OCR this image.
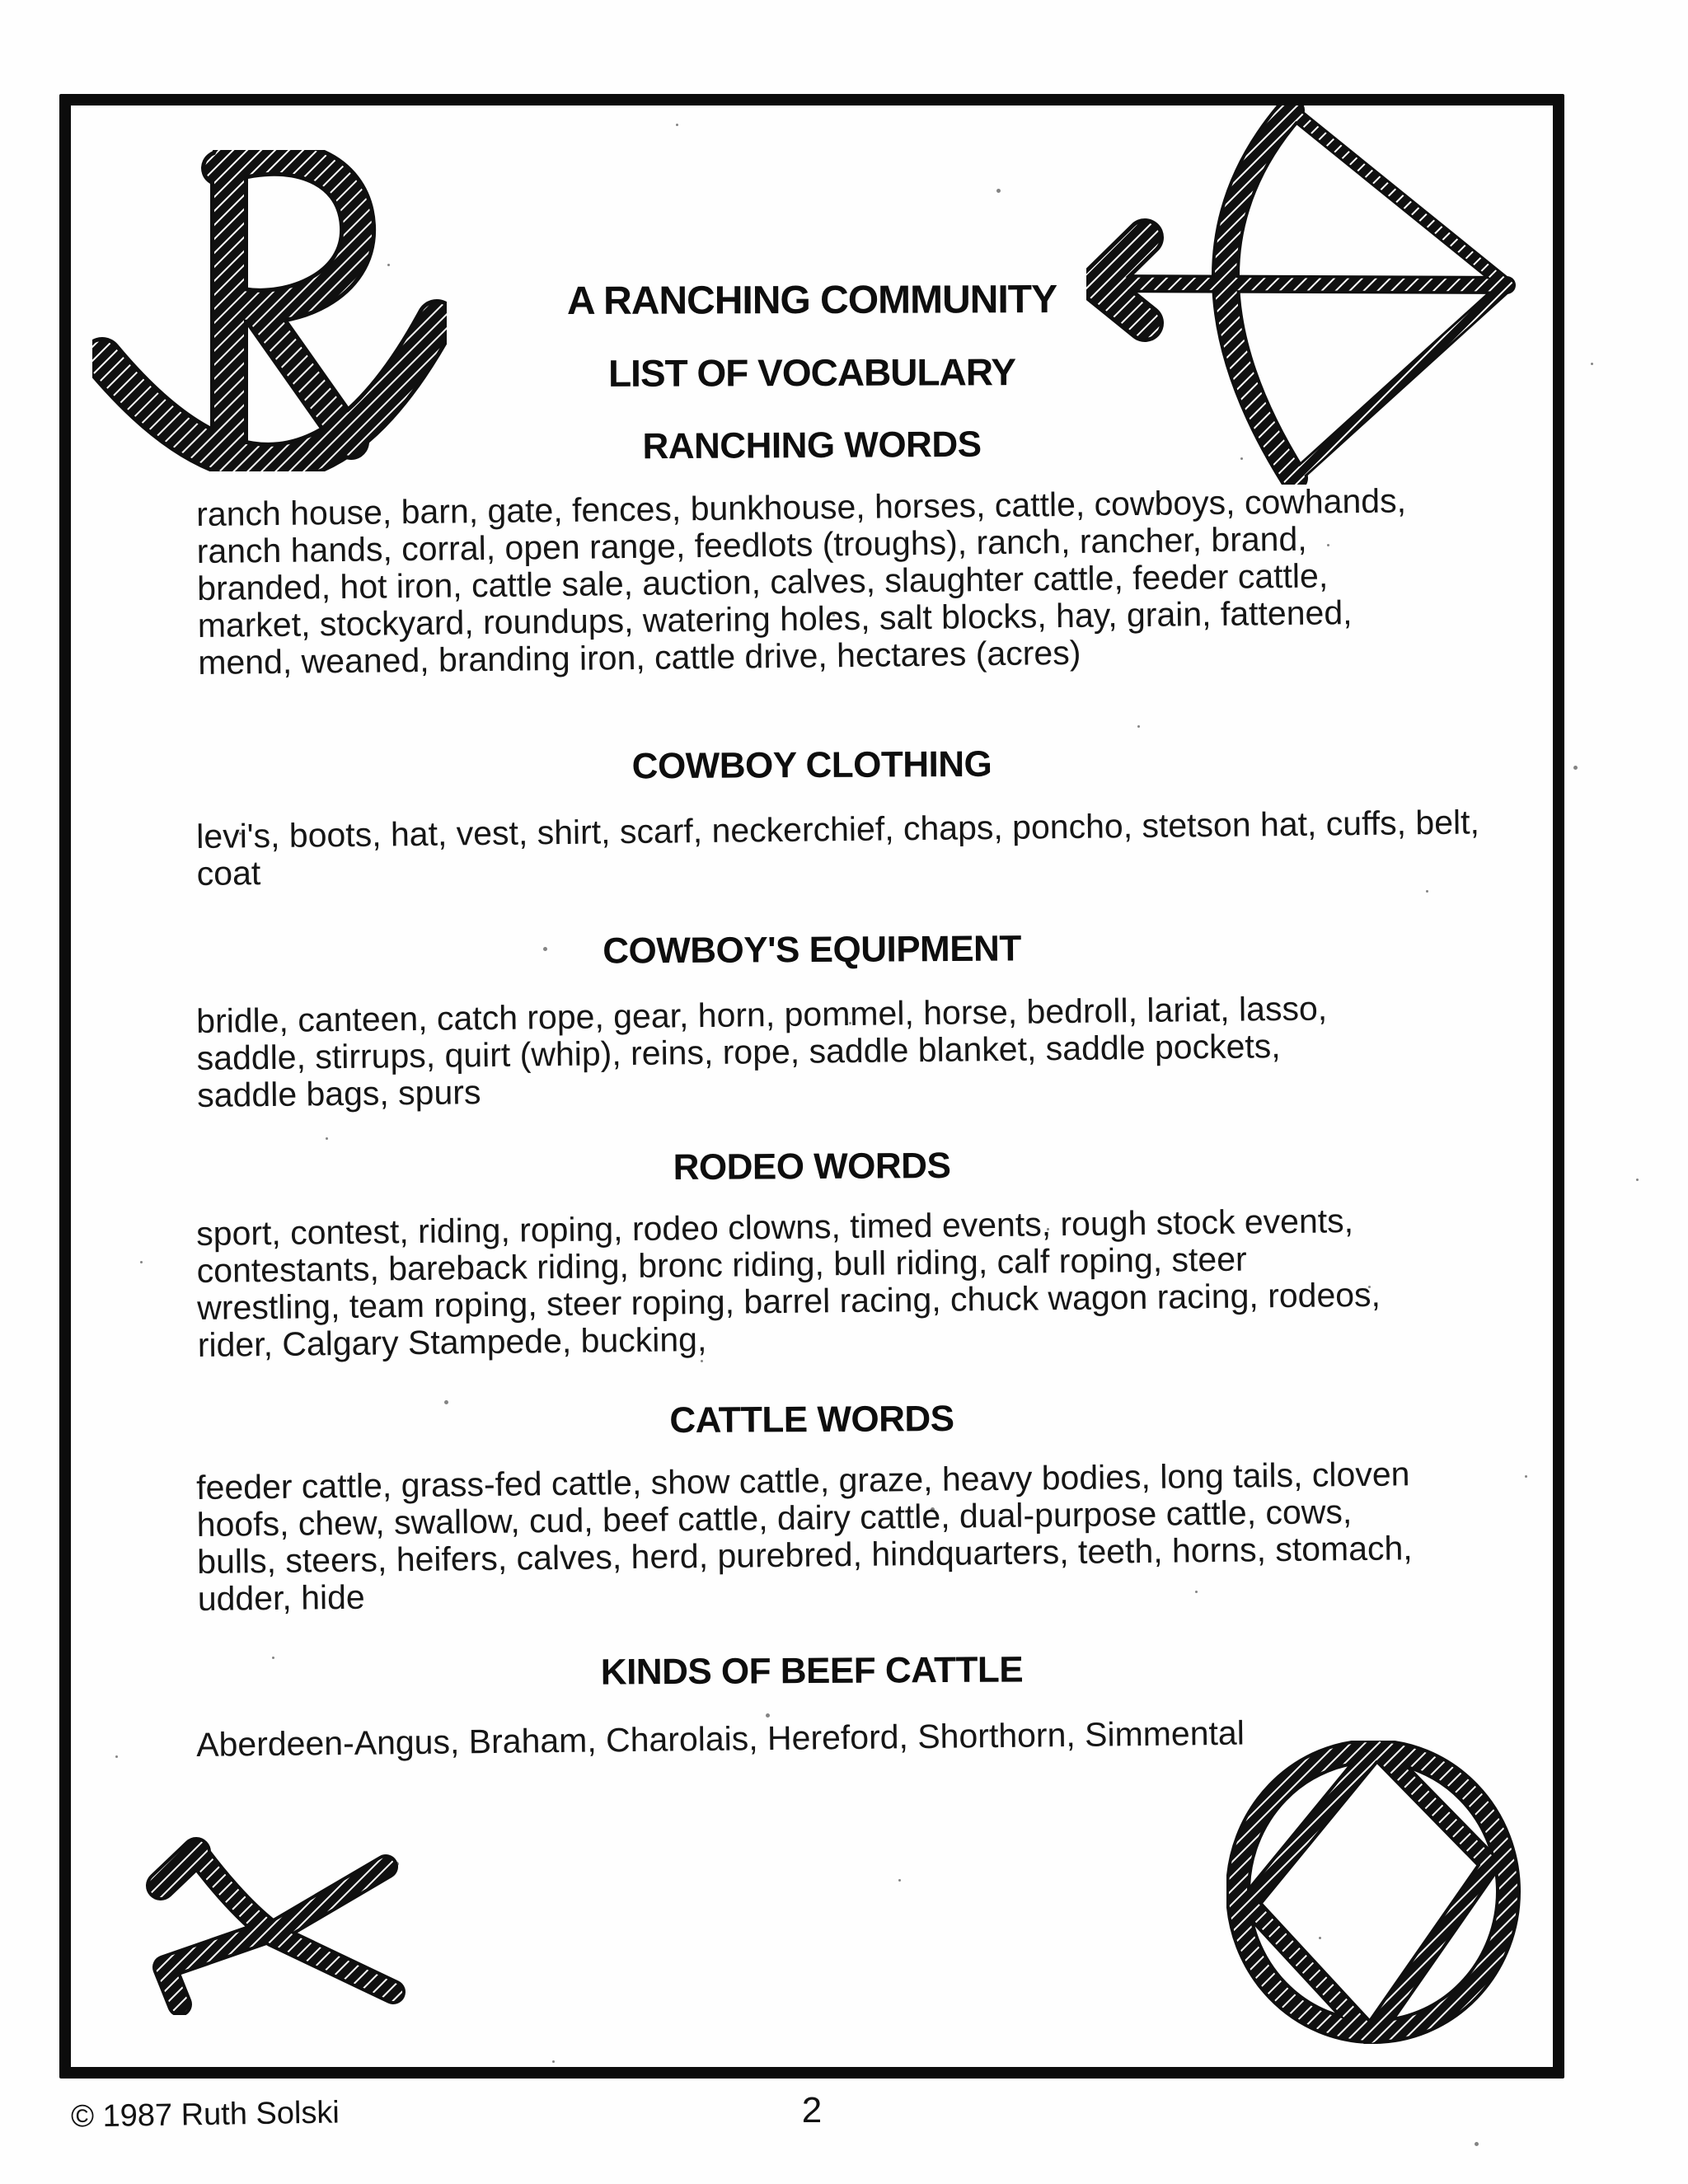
A RANCHING COMMUNITY
LIST OF VOCABULARY
RANCHING WORDS

ranch house, barn, gate, fences, bunkhouse, horses, cattle, cowboys, cowhands, ranch hands, corral, open range, feedlots (troughs), ranch, rancher, brand, branded, hot iron, cattle sale, auction, calves, slaughter cattle, feeder cattle, market, stockyard, roundups, watering holes, salt blocks, hay, grain, fattened, mend, weaned, branding iron, cattle drive, hectares (acres)

COWBOY CLOTHING

levi's, boots, hat, vest, shirt, scarf, neckerchief, chaps, poncho, stetson hat, cuffs, belt, coat

COWBOY'S EQUIPMENT

bridle, canteen, catch rope, gear, horn, pommel, horse, bedroll, lariat, lasso, saddle, stirrups, quirt (whip), reins, rope, saddle blanket, saddle pockets, saddle bags, spurs

RODEO WORDS

sport, contest, riding, roping, rodeo clowns, timed events, rough stock events, contestants, bareback riding, bronc riding, bull riding, calf roping, steer wrestling, team roping, steer roping, barrel racing, chuck wagon racing, rodeos, rider, Calgary Stampede, bucking,

CATTLE WORDS

feeder cattle, grass-fed cattle, show cattle, graze, heavy bodies, long tails, cloven hoofs, chew, swallow, cud, beef cattle, dairy cattle, dual-purpose cattle, cows, bulls, steers, heifers, calves, herd, purebred, hindquarters, teeth, horns, stomach, udder, hide

KINDS OF BEEF CATTLE

Aberdeen-Angus, Braham, Charolais, Hereford, Shorthorn, Simmental

© 1987 Ruth Solski	2
